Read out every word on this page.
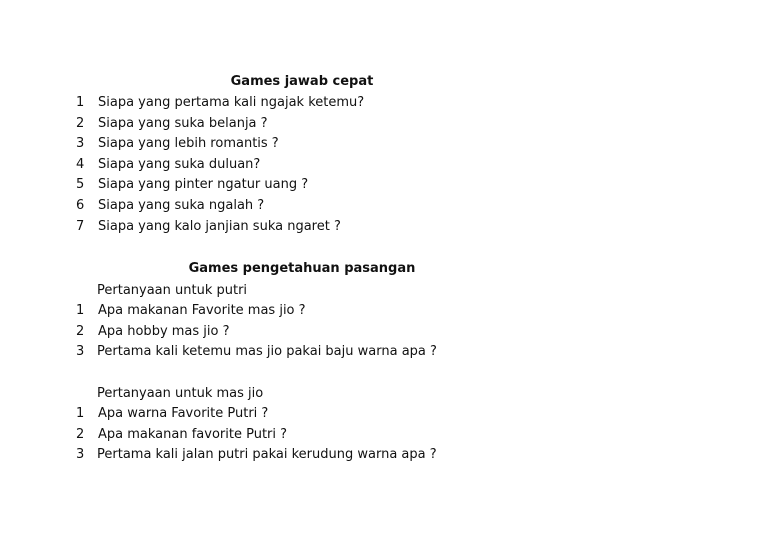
Games jawab cepat
1 Siapa yang pertama kali ngajak ketemu?
2 Siapa yang suka belanja ?
3 Siapa yang lebih romantis ?
4 Siapa yang suka duluan?
5 Siapa yang pinter ngatur uang ?
6 Siapa yang suka ngalah ?
7 Siapa yang kalo janjian suka ngaret ?
Games pengetahuan pasangan
Pertanyaan untuk putri
1 Apa makanan Favorite mas jio ?
2 Apa hobby mas jio ?
3 Pertama kali ketemu mas jio pakai baju warna apa ?
Pertanyaan untuk mas jio
1 Apa warna Favorite Putri ?
2 Apa makanan favorite Putri ?
3 Pertama kali jalan putri pakai kerudung warna apa ?
